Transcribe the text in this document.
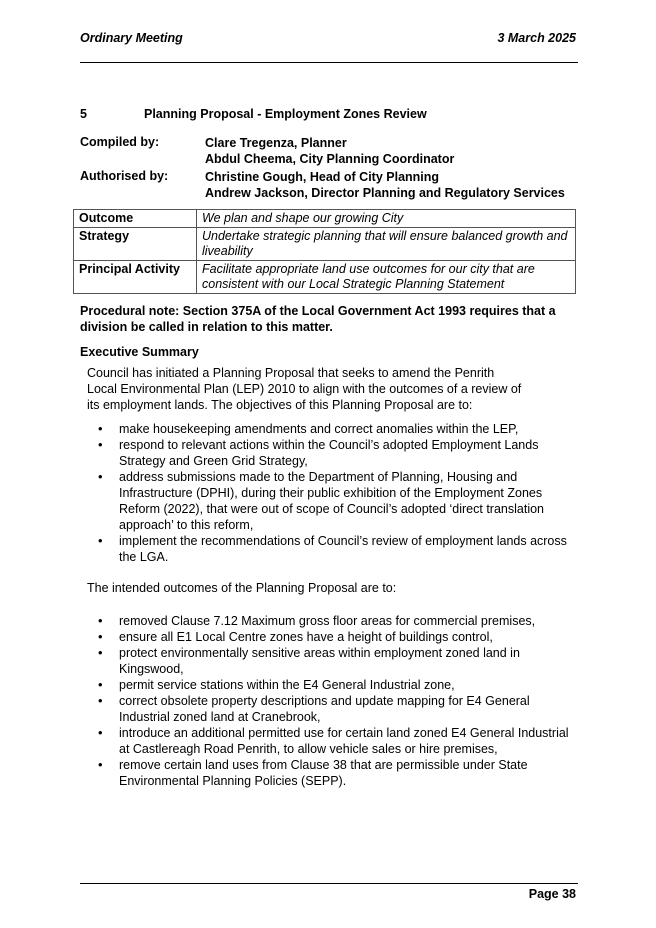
Ordinary Meeting	3 March 2025
5	Planning Proposal - Employment Zones Review
Compiled by:	Clare Tregenza, Planner
Abdul Cheema, City Planning Coordinator
Authorised by:	Christine Gough, Head of City Planning
Andrew Jackson, Director Planning and Regulatory Services
Outcome	We plan and shape our growing City
Strategy	Undertake strategic planning that will ensure balanced growth and liveability
Principal Activity	Facilitate appropriate land use outcomes for our city that are consistent with our Local Strategic Planning Statement
Procedural note: Section 375A of the Local Government Act 1993 requires that a division be called in relation to this matter.
Executive Summary
Council has initiated a Planning Proposal that seeks to amend the Penrith Local Environmental Plan (LEP) 2010 to align with the outcomes of a review of its employment lands. The objectives of this Planning Proposal are to:
• make housekeeping amendments and correct anomalies within the LEP,
• respond to relevant actions within the Council’s adopted Employment Lands Strategy and Green Grid Strategy,
• address submissions made to the Department of Planning, Housing and Infrastructure (DPHI), during their public exhibition of the Employment Zones Reform (2022), that were out of scope of Council’s adopted ‘direct translation approach’ to this reform,
• implement the recommendations of Council’s review of employment lands across the LGA.
The intended outcomes of the Planning Proposal are to:
• removed Clause 7.12 Maximum gross floor areas for commercial premises,
• ensure all E1 Local Centre zones have a height of buildings control,
• protect environmentally sensitive areas within employment zoned land in Kingswood,
• permit service stations within the E4 General Industrial zone,
• correct obsolete property descriptions and update mapping for E4 General Industrial zoned land at Cranebrook,
• introduce an additional permitted use for certain land zoned E4 General Industrial at Castlereagh Road Penrith, to allow vehicle sales or hire premises,
• remove certain land uses from Clause 38 that are permissible under State Environmental Planning Policies (SEPP).
Page 38
